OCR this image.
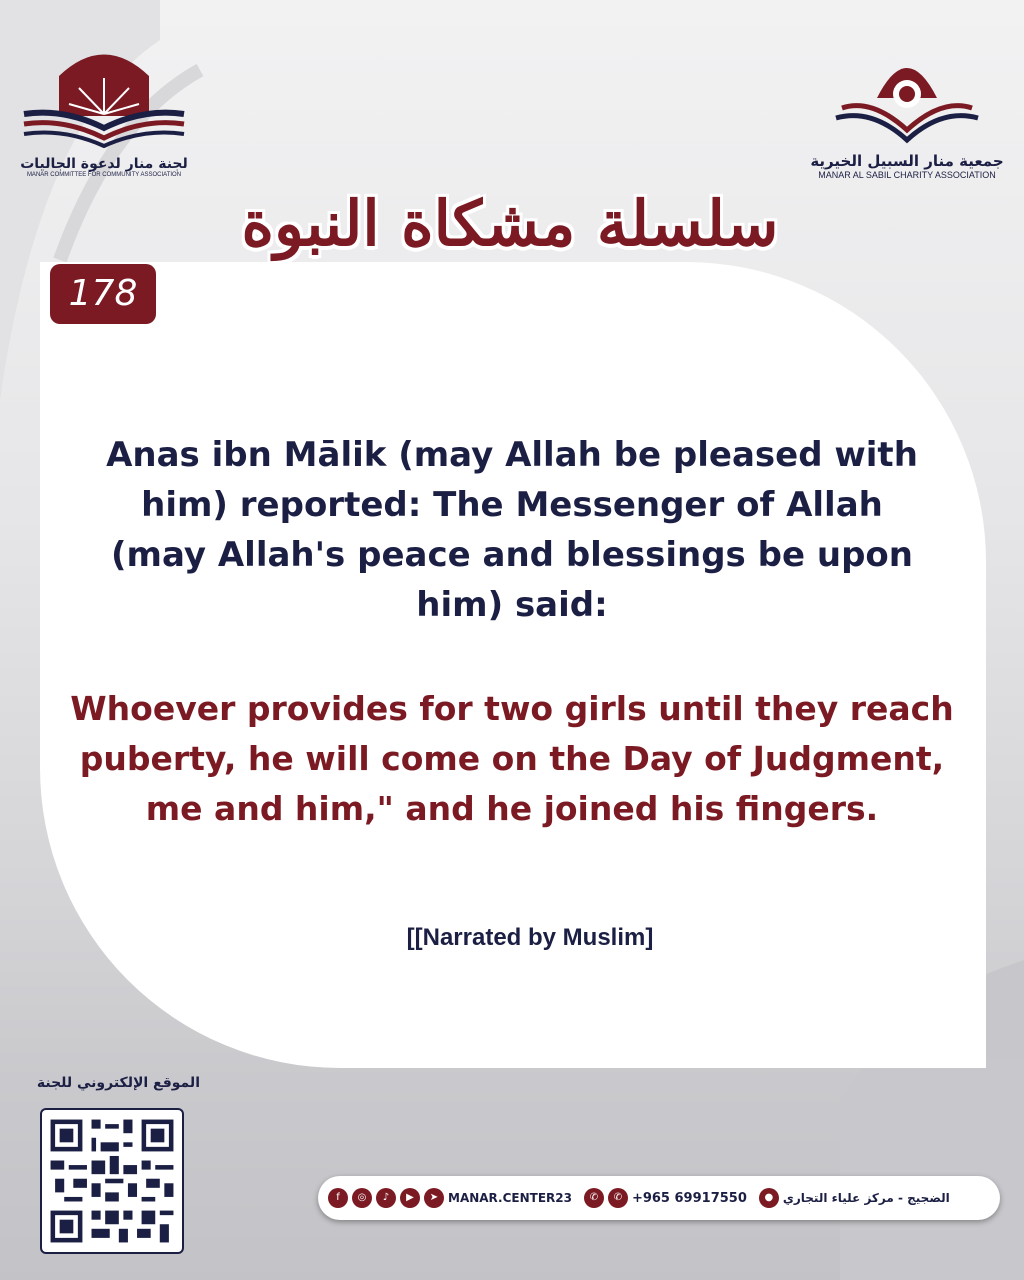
لجنة منار لدعوة الجاليات
MANAR COMMITTEE FOR COMMUNITY ASSOCIATION
جمعية منار السبيل الخيرية
MANAR AL SABIL CHARITY ASSOCIATION
سلسلة مشكاة النبوة
178
Anas ibn Mālik (may Allah be pleased with him) reported: The Messenger of Allah (may Allah's peace and blessings be upon him) said:
Whoever provides for two girls until they reach puberty, he will come on the Day of Judgment, me and him," and he joined his fingers.
[[Narrated by Muslim]
الموقع الإلكتروني للجنة
f	◎	♪	▶	➤ MANAR.CENTER23	✆	✆ +965 69917550	● الضجيج - مركز علياء التجاري
